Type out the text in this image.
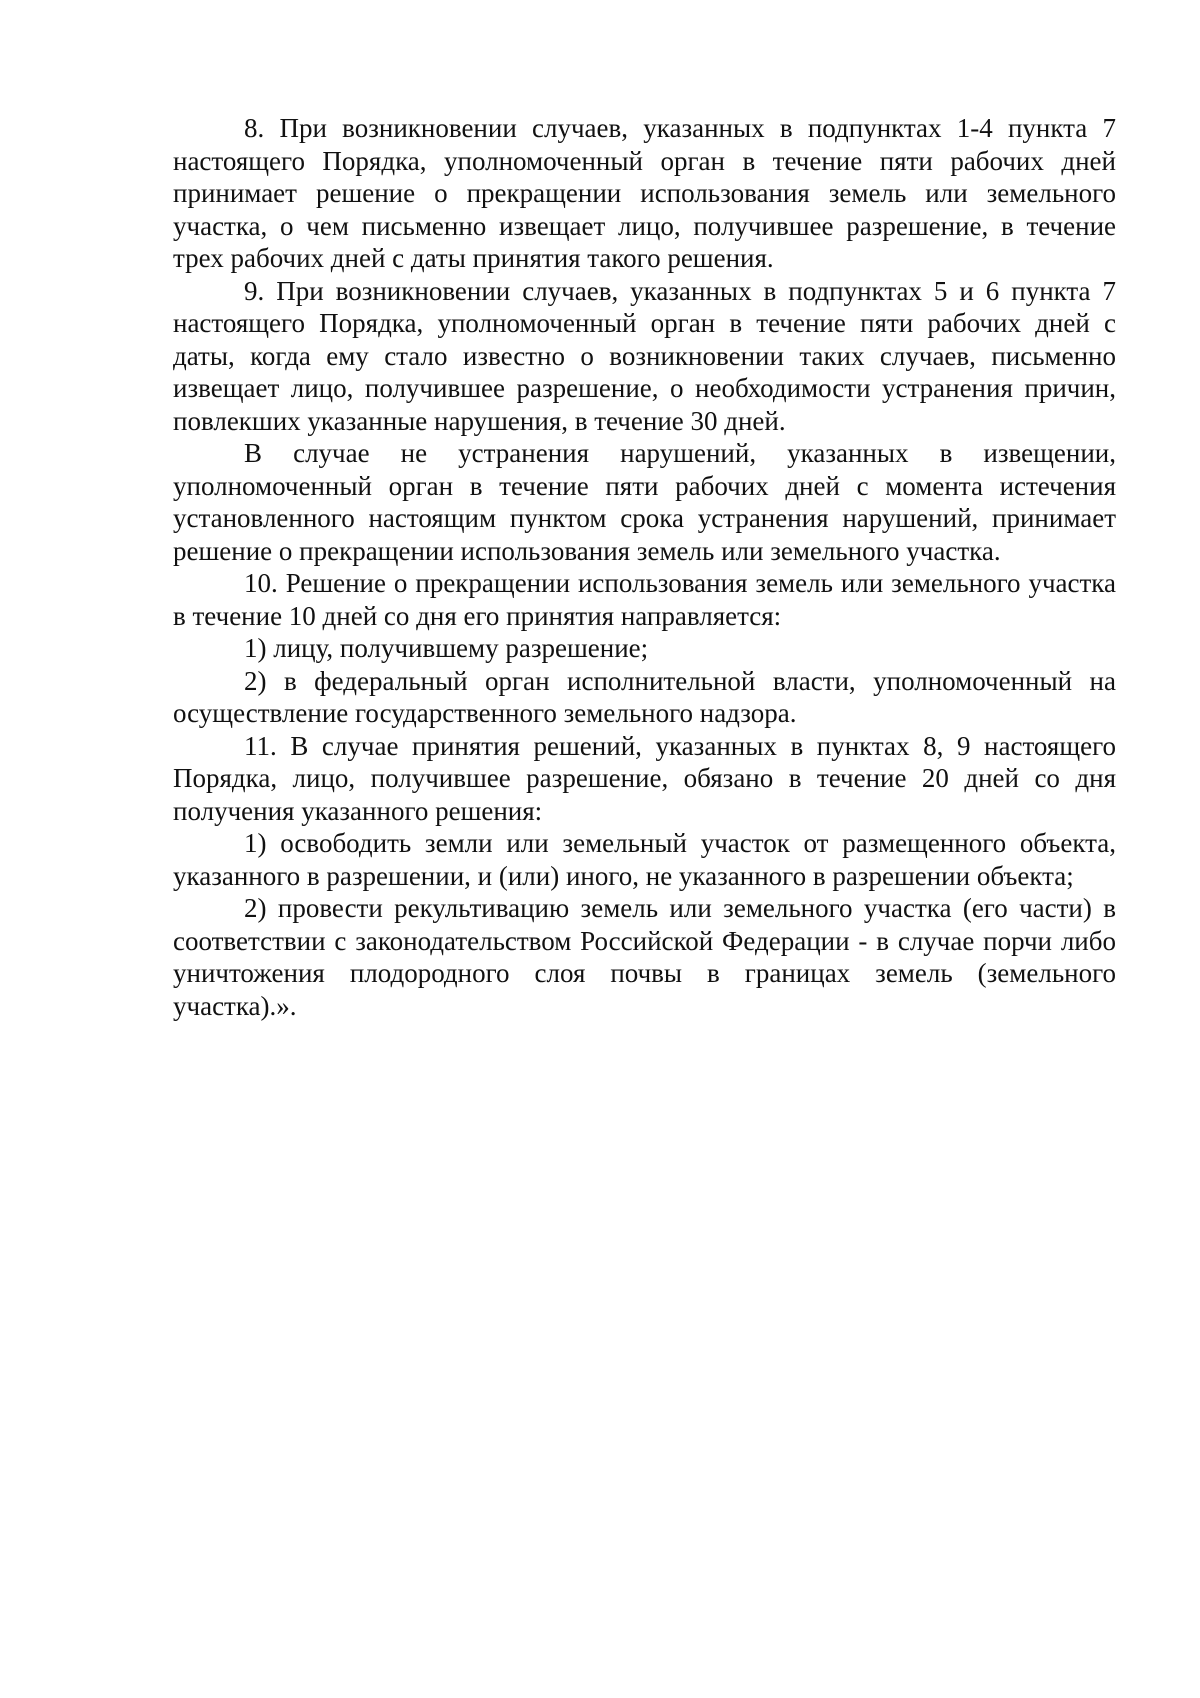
8. При возникновении случаев, указанных в подпунктах 1-4 пункта 7 настоящего Порядка, уполномоченный орган в течение пяти рабочих дней принимает решение о прекращении использования земель или земельного участка, о чем письменно извещает лицо, получившее разрешение, в течение трех рабочих дней с даты принятия такого решения.

9. При возникновении случаев, указанных в подпунктах 5 и 6 пункта 7 настоящего Порядка, уполномоченный орган в течение пяти рабочих дней с даты, когда ему стало известно о возникновении таких случаев, письменно извещает лицо, получившее разрешение, о необходимости устранения причин, повлекших указанные нарушения, в течение 30 дней.

В случае не устранения нарушений, указанных в извещении, уполномоченный орган в течение пяти рабочих дней с момента истечения установленного настоящим пунктом срока устранения нарушений, принимает решение о прекращении использования земель или земельного участка.

10. Решение о прекращении использования земель или земельного участка в течение 10 дней со дня его принятия направляется:

1) лицу, получившему разрешение;

2) в федеральный орган исполнительной власти, уполномоченный на осуществление государственного земельного надзора.

11. В случае принятия решений, указанных в пунктах 8, 9 настоящего Порядка, лицо, получившее разрешение, обязано в течение 20 дней со дня получения указанного решения:

1) освободить земли или земельный участок от размещенного объекта, указанного в разрешении, и (или) иного, не указанного в разрешении объекта;

2) провести рекультивацию земель или земельного участка (его части) в соответствии с законодательством Российской Федерации - в случае порчи либо уничтожения плодородного слоя почвы в границах земель (земельного участка).».
